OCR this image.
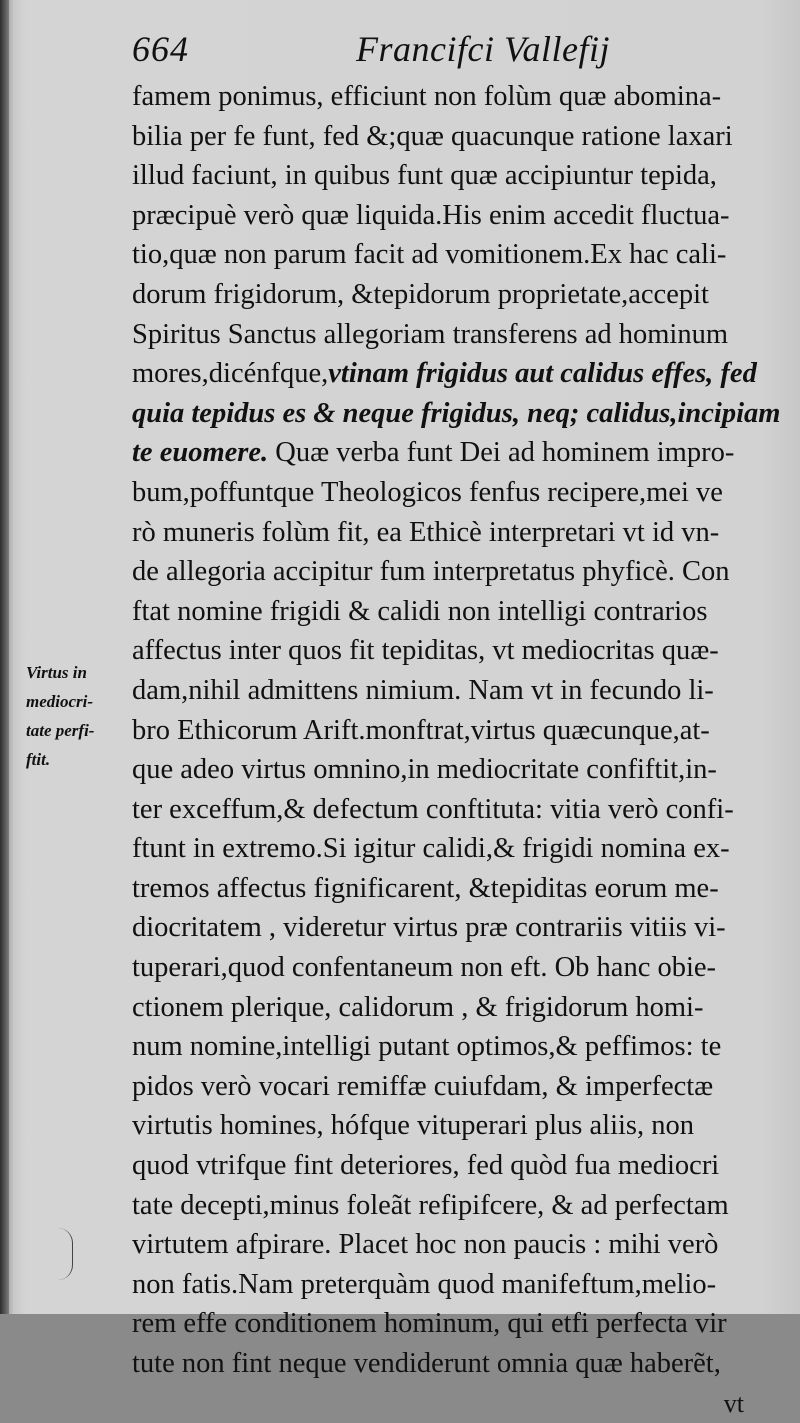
664	Francifci Vallefij
Virtus in
mediocri-
tate perfi-
ftit.
famem ponimus, efficiunt non folùm quæ abomina-
bilia per fe funt, fed &;quæ quacunque ratione laxari
illud faciunt, in quibus funt quæ accipiuntur tepida,
præcipuè verò quæ liquida.His enim accedit fluctua-
tio,quæ non parum facit ad vomitionem.Ex hac cali-
dorum frigidorum, &tepidorum proprietate,accepit
Spiritus Sanctus allegoriam transferens ad hominum
mores,dicénfque,vtinam frigidus aut calidus effes, fed
quia tepidus es & neque frigidus, neq; calidus,incipiam
te euomere. Quæ verba funt Dei ad hominem impro-
bum,poffuntque Theologicos fenfus recipere,mei ve
rò muneris folùm fit, ea Ethicè interpretari vt id vn-
de allegoria accipitur fum interpretatus phyficè. Con
ftat nomine frigidi & calidi non intelligi contrarios
affectus inter quos fit tepiditas, vt mediocritas quæ-
dam,nihil admittens nimium. Nam vt in fecundo li-
bro Ethicorum Arift.monftrat,virtus quæcunque,at-
que adeo virtus omnino,in mediocritate confiftit,in-
ter exceffum,& defectum conftituta: vitia verò confi-
ftunt in extremo.Si igitur calidi,& frigidi nomina ex-
tremos affectus fignificarent, &tepiditas eorum me-
diocritatem , videretur virtus præ contrariis vitiis vi-
tuperari,quod confentaneum non eft. Ob hanc obie-
ctionem plerique, calidorum , & frigidorum homi-
num nomine,intelligi putant optimos,& peffimos: te
pidos verò vocari remiffæ cuiufdam, & imperfectæ
virtutis homines, hófque vituperari plus aliis, non
quod vtrifque fint deteriores, fed quòd fua mediocri
tate decepti,minus foleãt refipifcere, & ad perfectam
virtutem afpirare. Placet hoc non paucis : mihi verò
non fatis.Nam preterquàm quod manifeftum,melio-
rem effe conditionem hominum, qui etfi perfecta vir
tute non fint neque vendiderunt omnia quæ haberẽt,
vt
